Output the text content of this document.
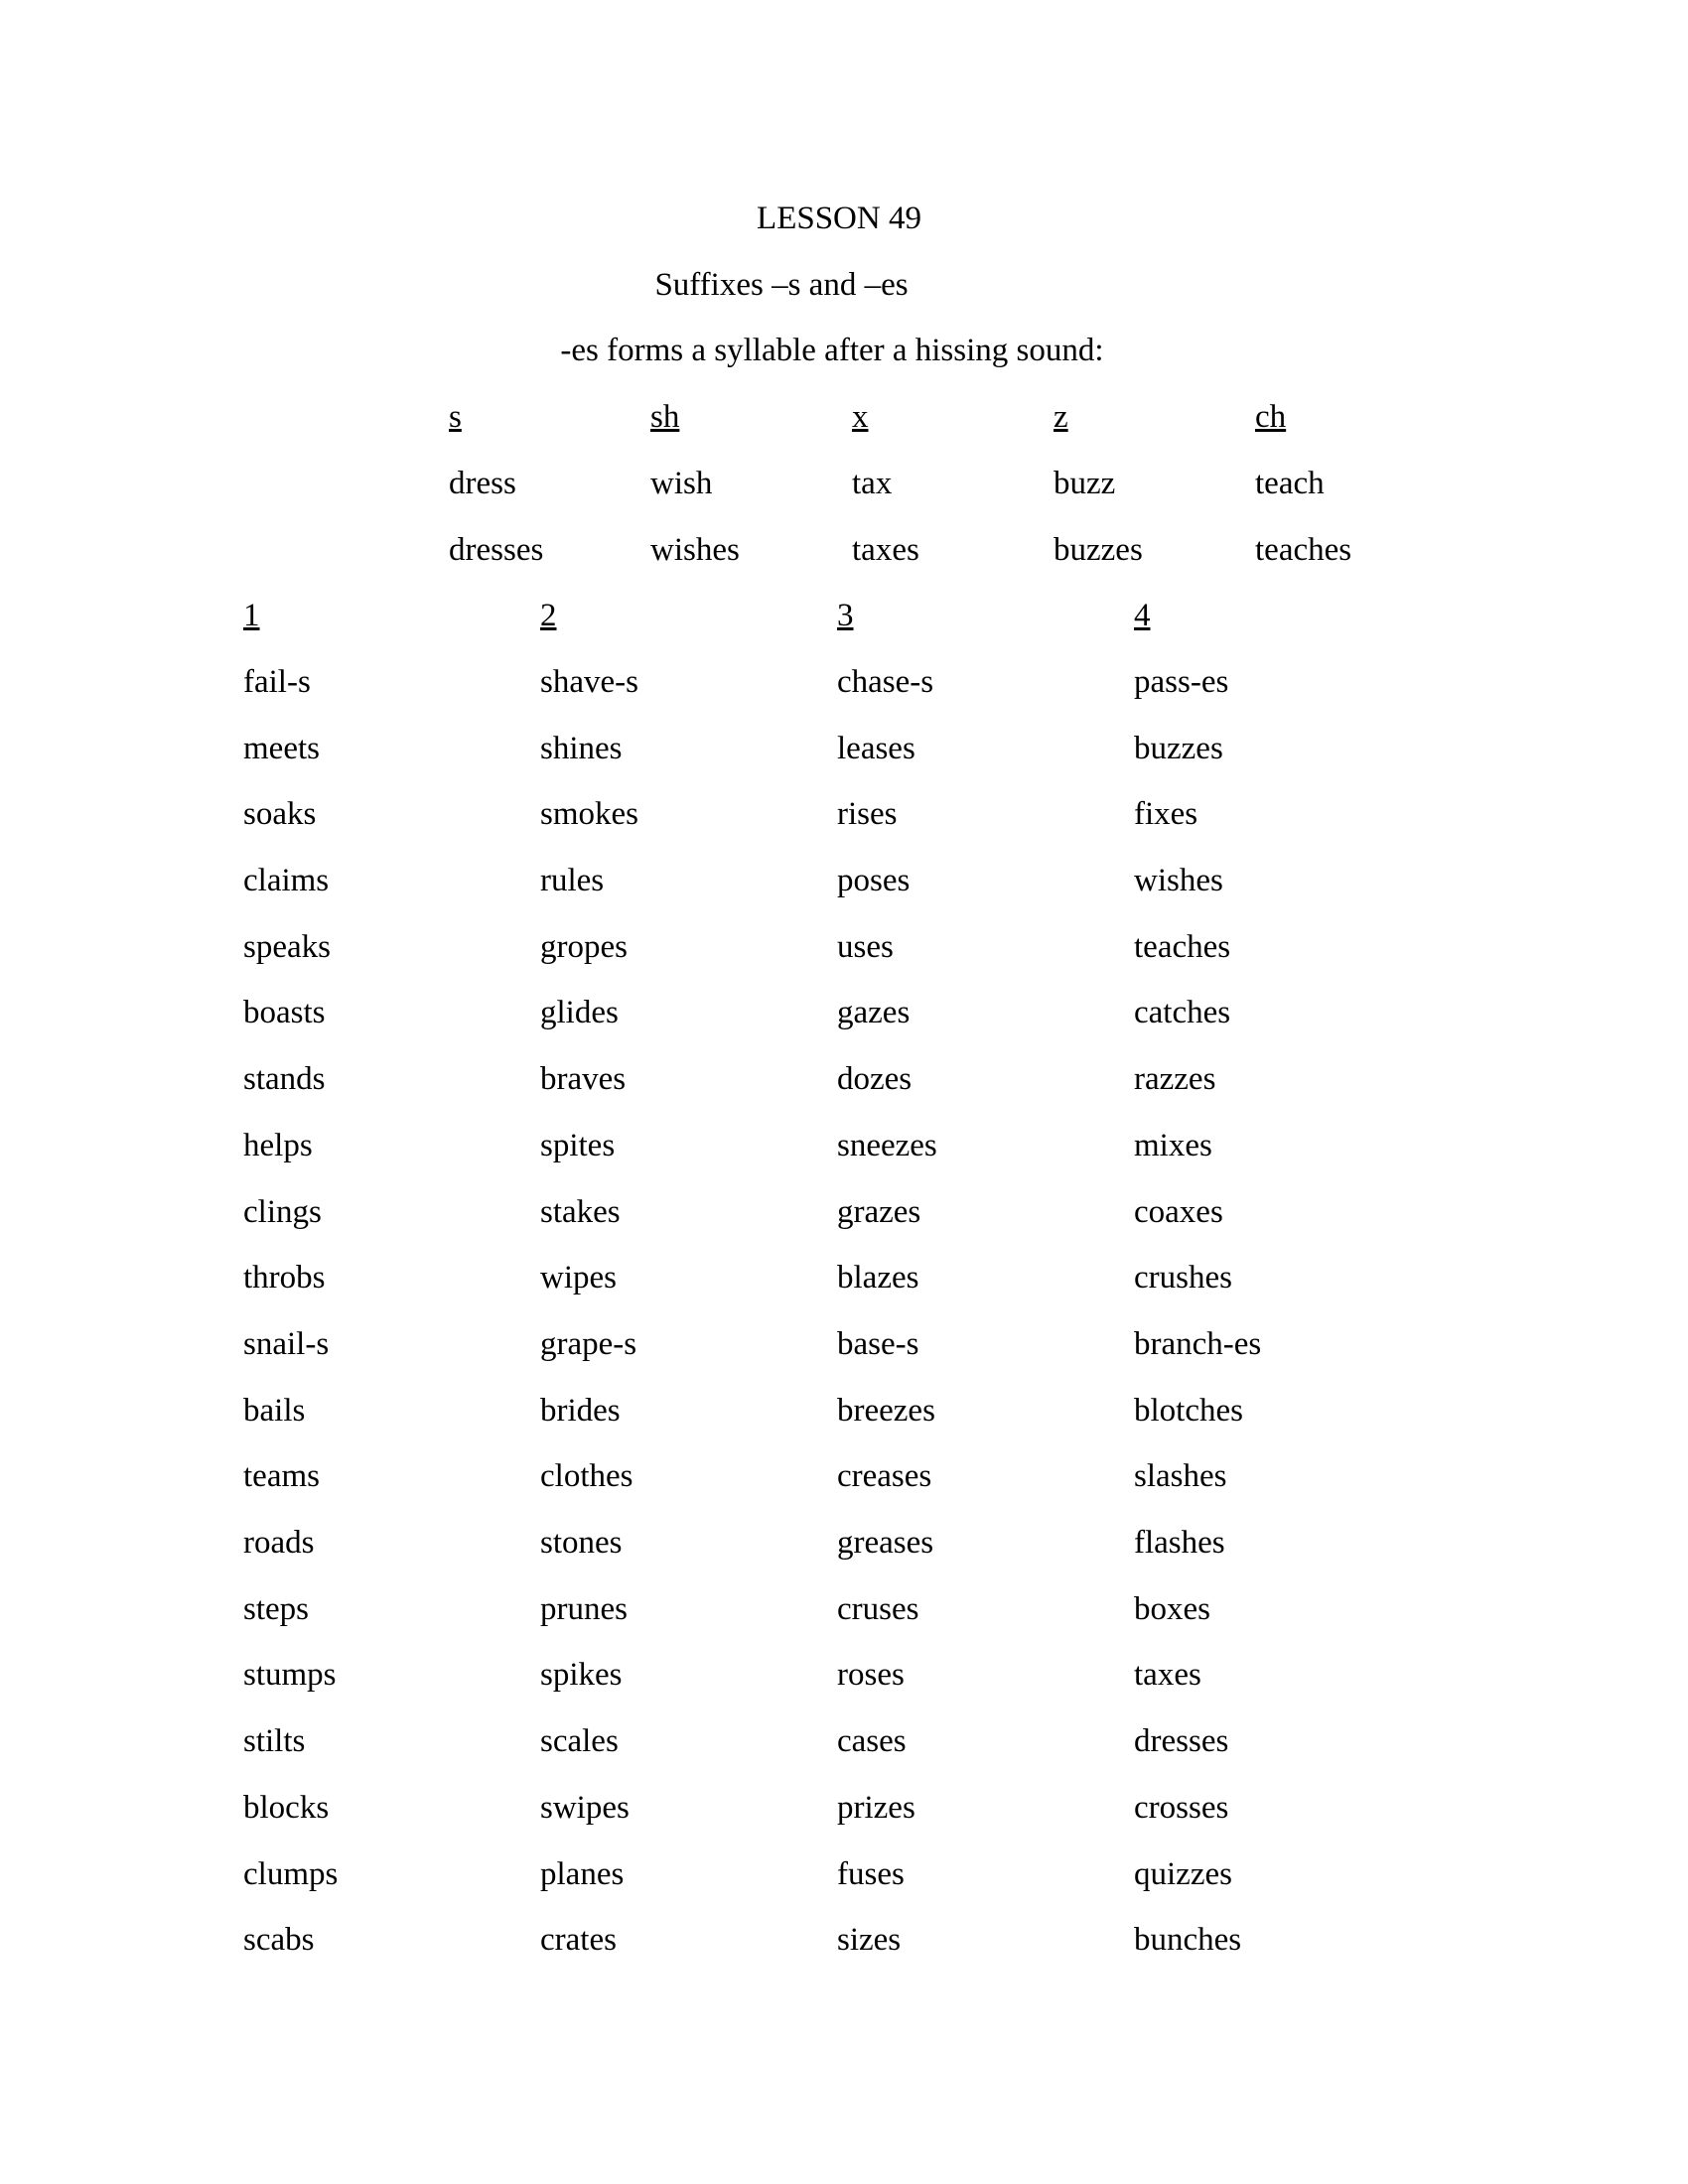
LESSON 49
Suffixes –s and –es
-es forms a syllable after a hissing sound:
s	sh	x	z	ch
dress	wish	tax	buzz	teach
dresses	wishes	taxes	buzzes	teaches
1	2	3	4
fail-s	shave-s	chase-s	pass-es
meets	shines	leases	buzzes
soaks	smokes	rises	fixes
claims	rules	poses	wishes
speaks	gropes	uses	teaches
boasts	glides	gazes	catches
stands	braves	dozes	razzes
helps	spites	sneezes	mixes
clings	stakes	grazes	coaxes
throbs	wipes	blazes	crushes
snail-s	grape-s	base-s	branch-es
bails	brides	breezes	blotches
teams	clothes	creases	slashes
roads	stones	greases	flashes
steps	prunes	cruses	boxes
stumps	spikes	roses	taxes
stilts	scales	cases	dresses
blocks	swipes	prizes	crosses
clumps	planes	fuses	quizzes
scabs	crates	sizes	bunches
